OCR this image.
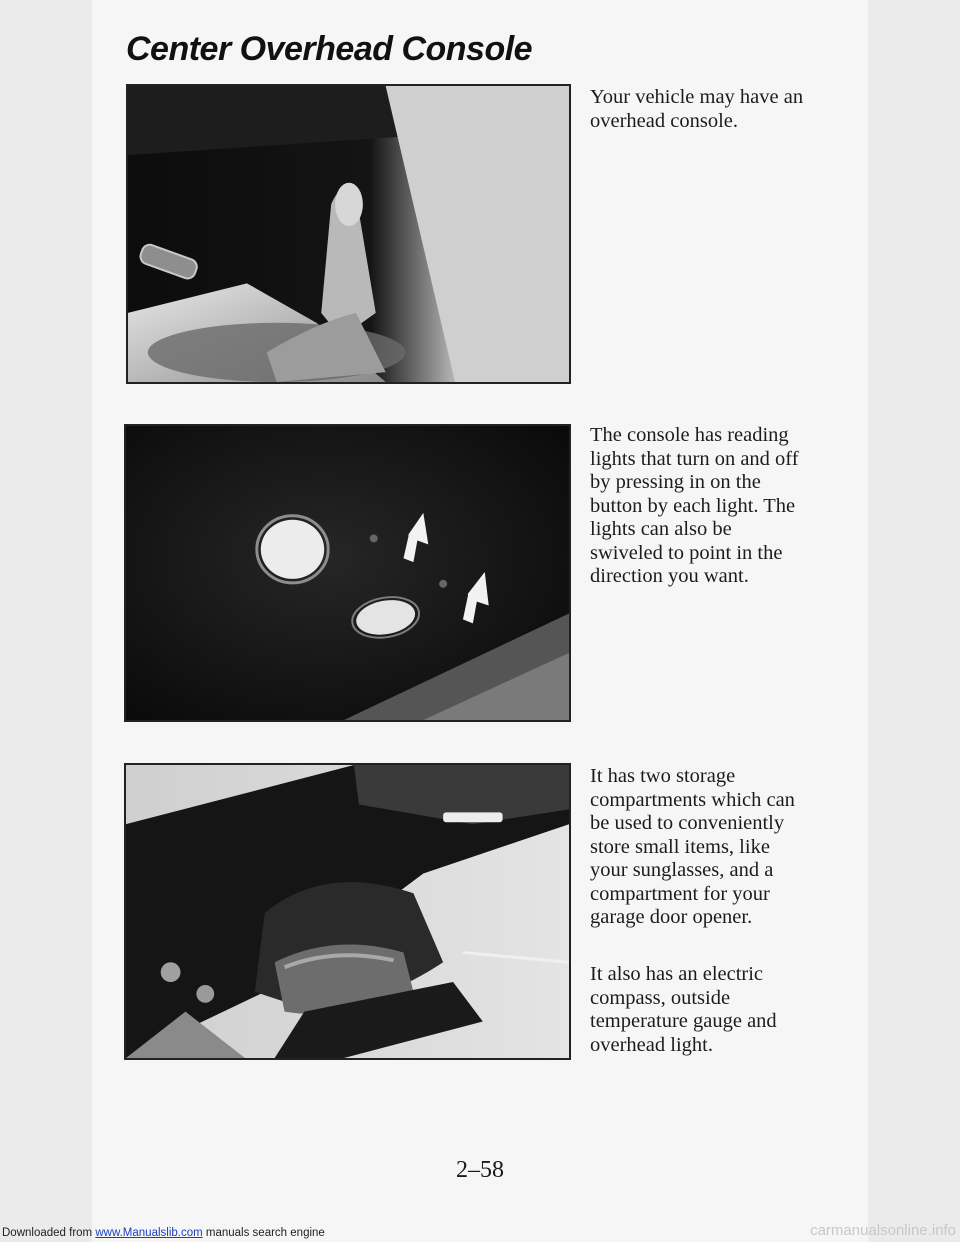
Center Overhead Console

Your vehicle may have an overhead console.

The console has reading lights that turn on and off by pressing in on the button by each light. The lights can also be swiveled to point in the direction you want.

It has two storage compartments which can be used to conveniently store small items, like your sunglasses, and a compartment for your garage door opener.

It also has an electric compass, outside temperature gauge and overhead light.

2–58

Downloaded from www.Manualslib.com manuals search engine	carmanualsonline.info
